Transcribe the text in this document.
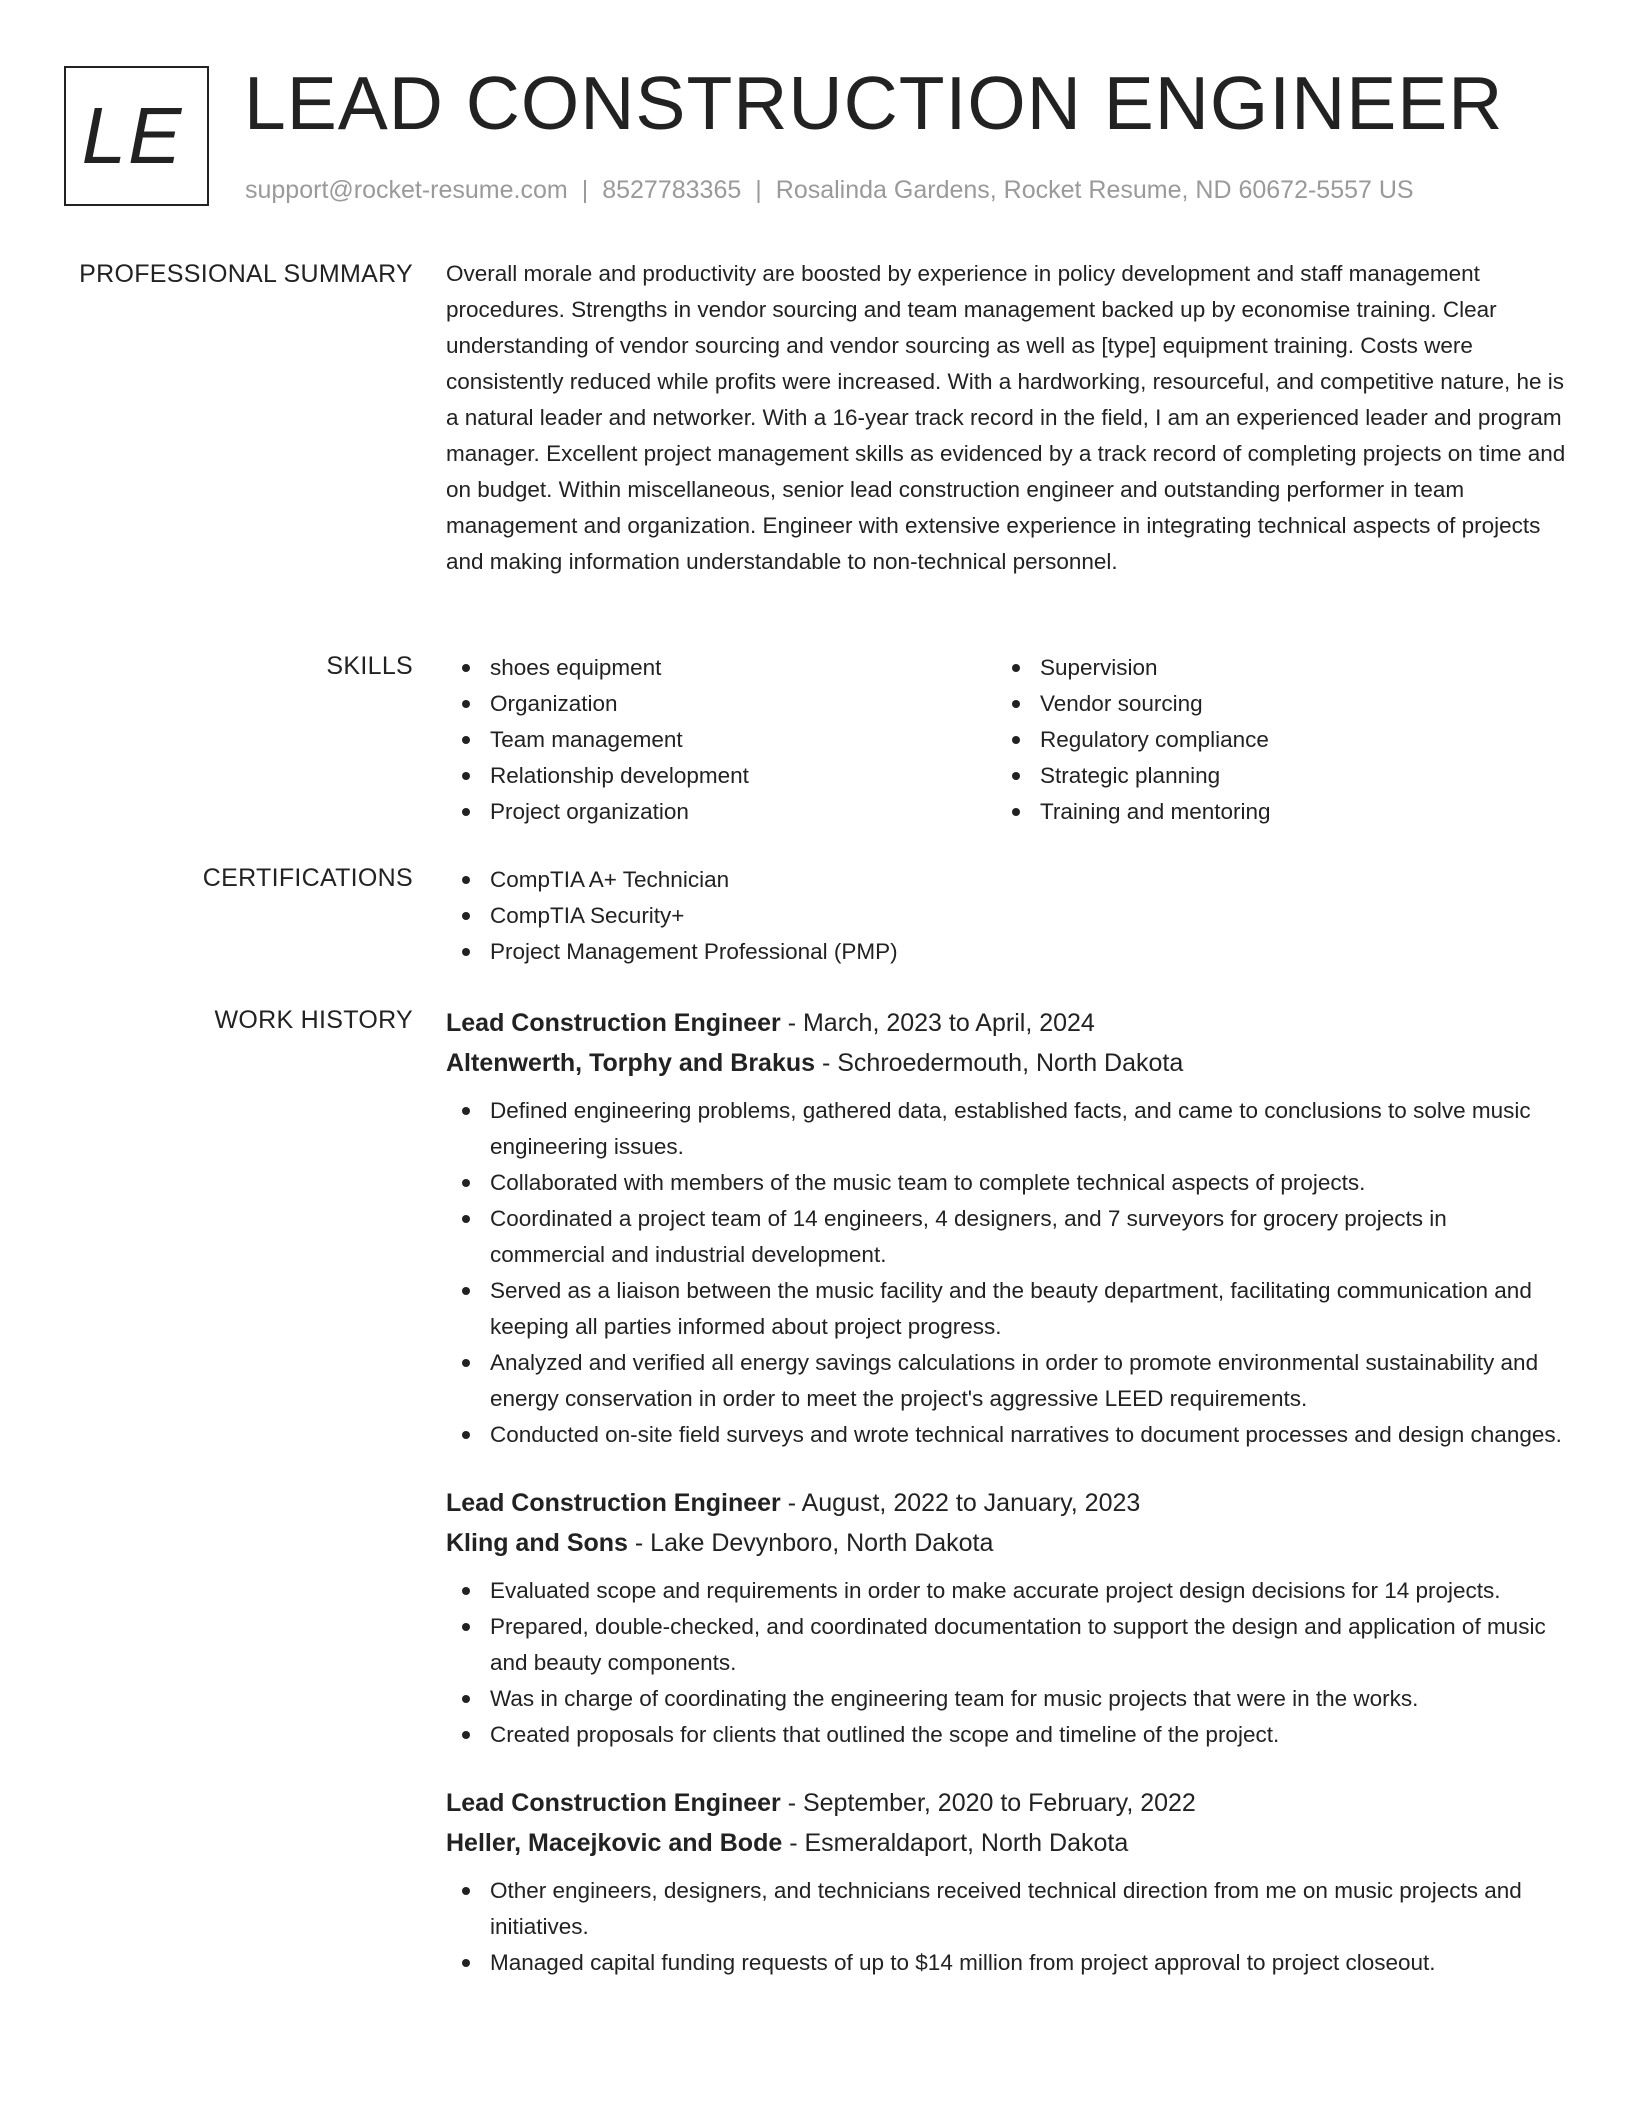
LE LEAD CONSTRUCTION ENGINEER
support@rocket-resume.com | 8527783365 | Rosalinda Gardens, Rocket Resume, ND 60672-5557 US
PROFESSIONAL SUMMARY Overall morale and productivity are boosted by experience in policy development and staff management procedures. Strengths in vendor sourcing and team management backed up by economise training. Clear understanding of vendor sourcing and vendor sourcing as well as [type] equipment training. Costs were consistently reduced while profits were increased. With a hardworking, resourceful, and competitive nature, he is a natural leader and networker. With a 16-year track record in the field, I am an experienced leader and program manager. Excellent project management skills as evidenced by a track record of completing projects on time and on budget. Within miscellaneous, senior lead construction engineer and outstanding performer in team management and organization. Engineer with extensive experience in integrating technical aspects of projects and making information understandable to non-technical personnel.

SKILLS	shoes equipment
Organization
Team management
Relationship development
Project organization
Supervision
Vendor sourcing
Regulatory compliance
Strategic planning
Training and mentoring
CERTIFICATIONS	CompTIA A+ Technician
CompTIA Security+
Project Management Professional (PMP)
WORK HISTORY Lead Construction Engineer - March, 2023 to April, 2024
Altenwerth, Torphy and Brakus - Schroedermouth, North Dakota
Defined engineering problems, gathered data, established facts, and came to conclusions to solve music engineering issues.
Collaborated with members of the music team to complete technical aspects of projects.
Coordinated a project team of 14 engineers, 4 designers, and 7 surveyors for grocery projects in commercial and industrial development.
Served as a liaison between the music facility and the beauty department, facilitating communication and keeping all parties informed about project progress.
Analyzed and verified all energy savings calculations in order to promote environmental sustainability and energy conservation in order to meet the project's aggressive LEED requirements.
Conducted on-site field surveys and wrote technical narratives to document processes and design changes.
Lead Construction Engineer - August, 2022 to January, 2023
Kling and Sons - Lake Devynboro, North Dakota
Evaluated scope and requirements in order to make accurate project design decisions for 14 projects.
Prepared, double-checked, and coordinated documentation to support the design and application of music and beauty components.
Was in charge of coordinating the engineering team for music projects that were in the works.
Created proposals for clients that outlined the scope and timeline of the project.
Lead Construction Engineer - September, 2020 to February, 2022
Heller, Macejkovic and Bode - Esmeraldaport, North Dakota
Other engineers, designers, and technicians received technical direction from me on music projects and initiatives.
Managed capital funding requests of up to $14 million from project approval to project closeout.
